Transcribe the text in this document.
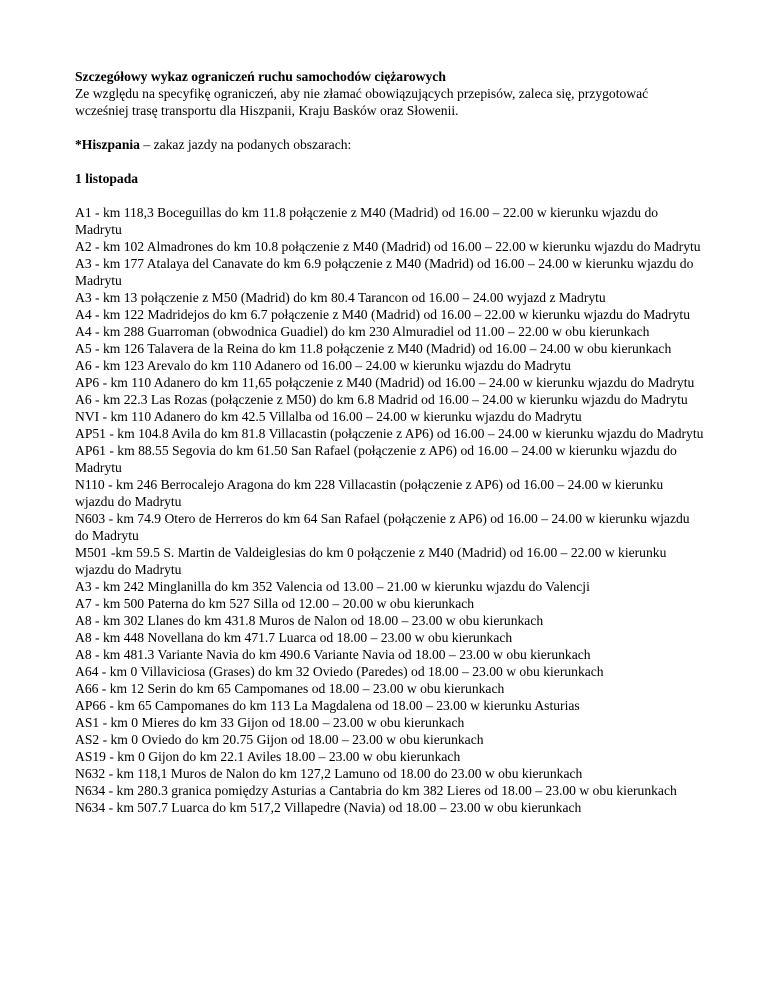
Szczegółowy wykaz ograniczeń ruchu samochodów ciężarowych

Ze względu na specyfikę ograniczeń, aby nie złamać obowiązujących przepisów, zaleca się, przygotować wcześniej trasę transportu dla Hiszpanii, Kraju Basków oraz Słowenii.

*Hiszpania – zakaz jazdy na podanych obszarach:

1 listopada

A1 - km 118,3 Boceguillas do km 11.8 połączenie z M40 (Madrid) od 16.00 – 22.00 w kierunku wjazdu do Madrytu

A2 - km 102 Almadrones do km 10.8 połączenie z M40 (Madrid) od 16.00 – 22.00 w kierunku wjazdu do Madrytu

A3 - km 177 Atalaya del Canavate do km 6.9 połączenie z M40 (Madrid) od 16.00 – 24.00 w kierunku wjazdu do Madrytu

A3 - km 13 połączenie z M50 (Madrid) do km 80.4 Tarancon od 16.00 – 24.00 wyjazd z Madrytu

A4 - km 122 Madridejos do km 6.7 połączenie z M40 (Madrid) od 16.00 – 22.00 w kierunku wjazdu do Madrytu

A4 - km 288 Guarroman (obwodnica Guadiel) do km 230 Almuradiel od 11.00 – 22.00 w obu kierunkach

A5 - km 126 Talavera de la Reina do km 11.8 połączenie z M40 (Madrid) od 16.00 – 24.00 w obu kierunkach

A6 - km 123 Arevalo do km 110 Adanero od 16.00 – 24.00 w kierunku wjazdu do Madrytu

AP6 - km 110 Adanero do km 11,65 połączenie z M40 (Madrid) od 16.00 – 24.00 w kierunku wjazdu do Madrytu

A6 - km 22.3 Las Rozas (połączenie z M50) do km 6.8 Madrid od 16.00 – 24.00 w kierunku wjazdu do Madrytu

NVI - km 110 Adanero do km 42.5 Villalba od 16.00 – 24.00 w kierunku wjazdu do Madrytu

AP51 - km 104.8 Avila do km 81.8 Villacastin (połączenie z AP6) od 16.00 – 24.00 w kierunku wjazdu do Madrytu

AP61 - km 88.55 Segovia do km 61.50 San Rafael (połączenie z AP6) od 16.00 – 24.00 w kierunku wjazdu do Madrytu

N110 - km 246 Berrocalejo Aragona do km 228 Villacastin (połączenie z AP6) od 16.00 – 24.00 w kierunku wjazdu do Madrytu

N603 - km 74.9 Otero de Herreros do km 64 San Rafael (połączenie z AP6) od 16.00 – 24.00 w kierunku wjazdu do Madrytu

M501 -km 59.5 S. Martin de Valdeiglesias do km 0 połączenie z M40 (Madrid) od 16.00 – 22.00 w kierunku wjazdu do Madrytu

A3 - km 242 Minglanilla do km 352 Valencia od 13.00 – 21.00 w kierunku wjazdu do Valencji

A7 - km 500 Paterna do km 527 Silla od 12.00 – 20.00 w obu kierunkach

A8 - km 302 Llanes do km 431.8 Muros de Nalon od 18.00 – 23.00 w obu kierunkach

A8 - km 448 Novellana do km 471.7 Luarca od 18.00 – 23.00 w obu kierunkach

A8 - km 481.3 Variante Navia do km 490.6 Variante Navia od 18.00 – 23.00 w obu kierunkach

A64 - km 0 Villaviciosa (Grases) do km 32 Oviedo (Paredes) od 18.00 – 23.00 w obu kierunkach

A66 - km 12 Serin do km 65 Campomanes od 18.00 – 23.00 w obu kierunkach

AP66 - km 65 Campomanes do km 113 La Magdalena od 18.00 – 23.00 w kierunku Asturias

AS1 - km 0 Mieres do km 33 Gijon od 18.00 – 23.00 w obu kierunkach

AS2 - km 0 Oviedo do km 20.75 Gijon od 18.00 – 23.00 w obu kierunkach

AS19 - km 0 Gijon do km 22.1 Aviles 18.00 – 23.00 w obu kierunkach

N632 - km 118,1 Muros de Nalon do km 127,2 Lamuno od 18.00 do 23.00 w obu kierunkach

N634 - km 280.3 granica pomiędzy Asturias a Cantabria do km 382 Lieres od 18.00 – 23.00 w obu kierunkach

N634 - km 507.7 Luarca do km 517,2 Villapedre (Navia) od 18.00 – 23.00 w obu kierunkach
